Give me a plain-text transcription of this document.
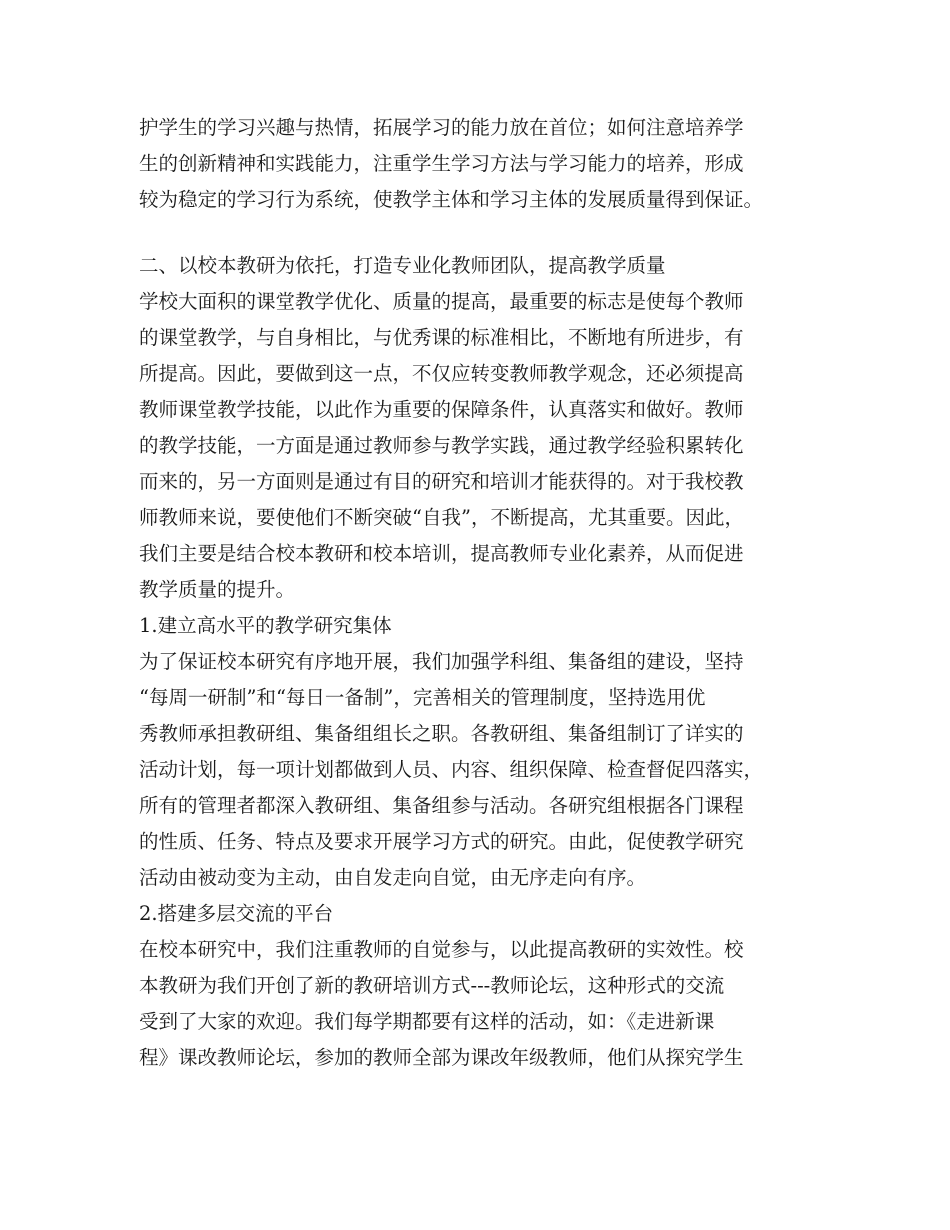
护学生的学习兴趣与热情，拓展学习的能力放在首位；如何注意培养学
生的创新精神和实践能力，注重学生学习方法与学习能力的培养，形成
较为稳定的学习行为系统，使教学主体和学习主体的发展质量得到保证。
二、以校本教研为依托，打造专业化教师团队，提高教学质量
学校大面积的课堂教学优化、质量的提高，最重要的标志是使每个教师
的课堂教学，与自身相比，与优秀课的标准相比，不断地有所进步，有
所提高。因此，要做到这一点，不仅应转变教师教学观念，还必须提高
教师课堂教学技能，以此作为重要的保障条件，认真落实和做好。教师
的教学技能，一方面是通过教师参与教学实践，通过教学经验积累转化
而来的，另一方面则是通过有目的研究和培训才能获得的。对于我校教
师教师来说，要使他们不断突破“自我”，不断提高，尤其重要。因此，
我们主要是结合校本教研和校本培训，提高教师专业化素养，从而促进
教学质量的提升。
1.建立高水平的教学研究集体
为了保证校本研究有序地开展，我们加强学科组、集备组的建设，坚持
“每周一研制”和“每日一备制”，完善相关的管理制度，坚持选用优
秀教师承担教研组、集备组组长之职。各教研组、集备组制订了详实的
活动计划，每一项计划都做到人员、内容、组织保障、检查督促四落实，
所有的管理者都深入教研组、集备组参与活动。各研究组根据各门课程
的性质、任务、特点及要求开展学习方式的研究。由此，促使教学研究
活动由被动变为主动，由自发走向自觉，由无序走向有序。
2.搭建多层交流的平台
在校本研究中，我们注重教师的自觉参与，以此提高教研的实效性。校
本教研为我们开创了新的教研培训方式---教师论坛，这种形式的交流
受到了大家的欢迎。我们每学期都要有这样的活动，如：《走进新课
程》课改教师论坛，参加的教师全部为课改年级教师，他们从探究学生
